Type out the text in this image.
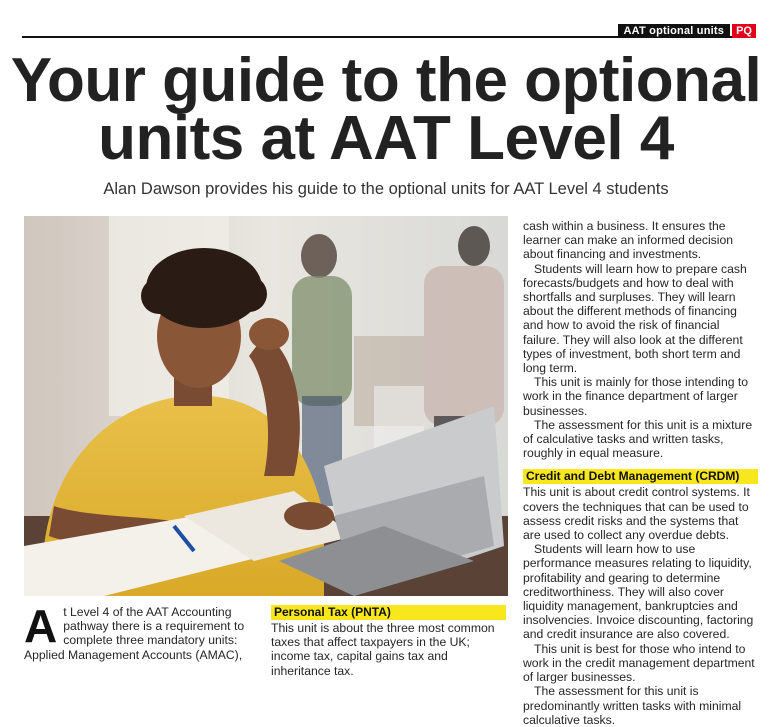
AAT optional units	PQ
Your guide to the optional
units at AAT Level 4
Alan Dawson provides his guide to the optional units for AAT Level 4 students
A t Level 4 of the AAT Accounting pathway there is a requirement to complete three mandatory units: Applied Management Accounts (AMAC),

Personal Tax (PNTA)

This unit is about the three most common taxes that affect taxpayers in the UK; income tax, capital gains tax and inheritance tax.

cash within a business. It ensures the learner can make an informed decision about financing and investments.

Students will learn how to prepare cash forecasts/budgets and how to deal with shortfalls and surpluses. They will learn about the different methods of financing and how to avoid the risk of financial failure. They will also look at the different types of investment, both short term and long term.

This unit is mainly for those intending to work in the finance department of larger businesses.

The assessment for this unit is a mixture of calculative tasks and written tasks, roughly in equal measure.

Credit and Debt Management (CRDM)

This unit is about credit control systems. It covers the techniques that can be used to assess credit risks and the systems that are used to collect any overdue debts.

Students will learn how to use performance measures relating to liquidity, profitability and gearing to determine creditworthiness. They will also cover liquidity management, bankruptcies and insolvencies. Invoice discounting, factoring and credit insurance are also covered.

This unit is best for those who intend to work in the credit management department of larger businesses.

The assessment for this unit is predominantly written tasks with minimal calculative tasks.
